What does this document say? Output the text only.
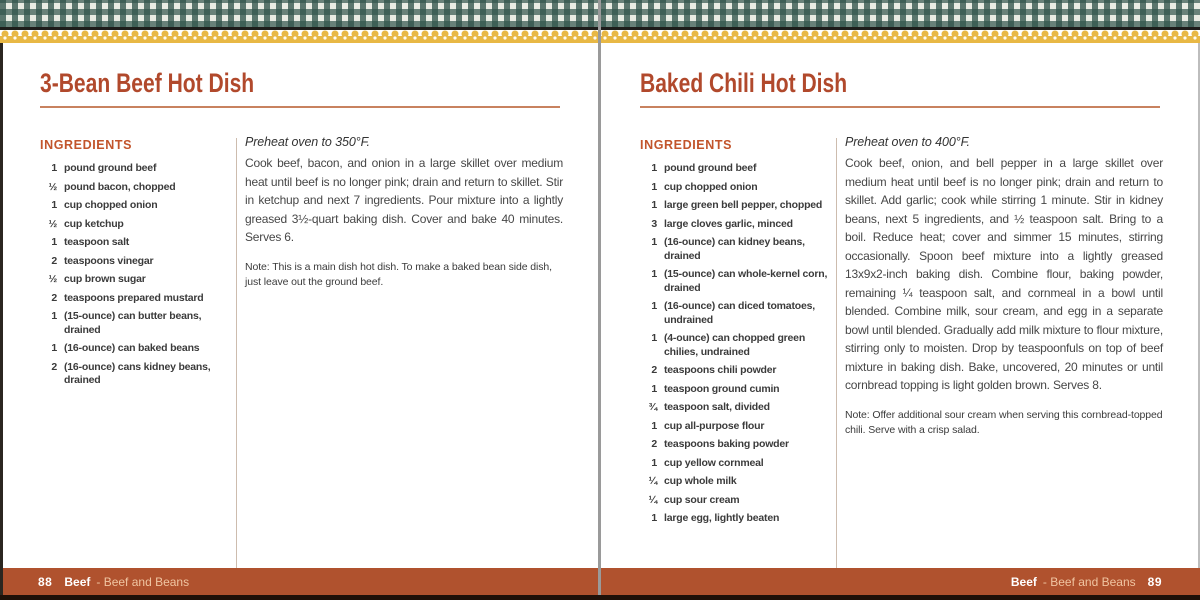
3-Bean Beef Hot Dish
INGREDIENTS
1 pound ground beef
½ pound bacon, chopped
1 cup chopped onion
½ cup ketchup
1 teaspoon salt
2 teaspoons vinegar
½ cup brown sugar
2 teaspoons prepared mustard
1 (15-ounce) can butter beans, drained
1 (16-ounce) can baked beans
2 (16-ounce) cans kidney beans, drained

Preheat oven to 350°F.

Cook beef, bacon, and onion in a large skillet over medium heat until beef is no longer pink; drain and return to skillet. Stir in ketchup and next 7 ingredients. Pour mixture into a lightly greased 3½-quart baking dish. Cover and bake 40 minutes. Serves 6.

Note: This is a main dish hot dish. To make a baked bean side dish, just leave out the ground beef.

Baked Chili Hot Dish
INGREDIENTS
1 pound ground beef
1 cup chopped onion
1 large green bell pepper, chopped
3 large cloves garlic, minced
1 (16-ounce) can kidney beans, drained
1 (15-ounce) can whole-kernel corn, drained
1 (16-ounce) can diced tomatoes, undrained
1 (4-ounce) can chopped green chilies, undrained
2 teaspoons chili powder
1 teaspoon ground cumin
¾ teaspoon salt, divided
1 cup all-purpose flour
2 teaspoons baking powder
1 cup yellow cornmeal
¼ cup whole milk
¼ cup sour cream
1 large egg, lightly beaten

Preheat oven to 400°F.

Cook beef, onion, and bell pepper in a large skillet over medium heat until beef is no longer pink; drain and return to skillet. Add garlic; cook while stirring 1 minute. Stir in kidney beans, next 5 ingredients, and ½ teaspoon salt. Bring to a boil. Reduce heat; cover and simmer 15 minutes, stirring occasionally. Spoon beef mixture into a lightly greased 13x9x2-inch baking dish. Combine flour, baking powder, remaining ¼ teaspoon salt, and cornmeal in a bowl until blended. Combine milk, sour cream, and egg in a separate bowl until blended. Gradually add milk mixture to flour mixture, stirring only to moisten. Drop by teaspoonfuls on top of beef mixture in baking dish. Bake, uncovered, 20 minutes or until cornbread topping is light golden brown. Serves 8.

Note: Offer additional sour cream when serving this cornbread-topped chili. Serve with a crisp salad.

88 Beef - Beef and Beans	Beef - Beef and Beans 89
